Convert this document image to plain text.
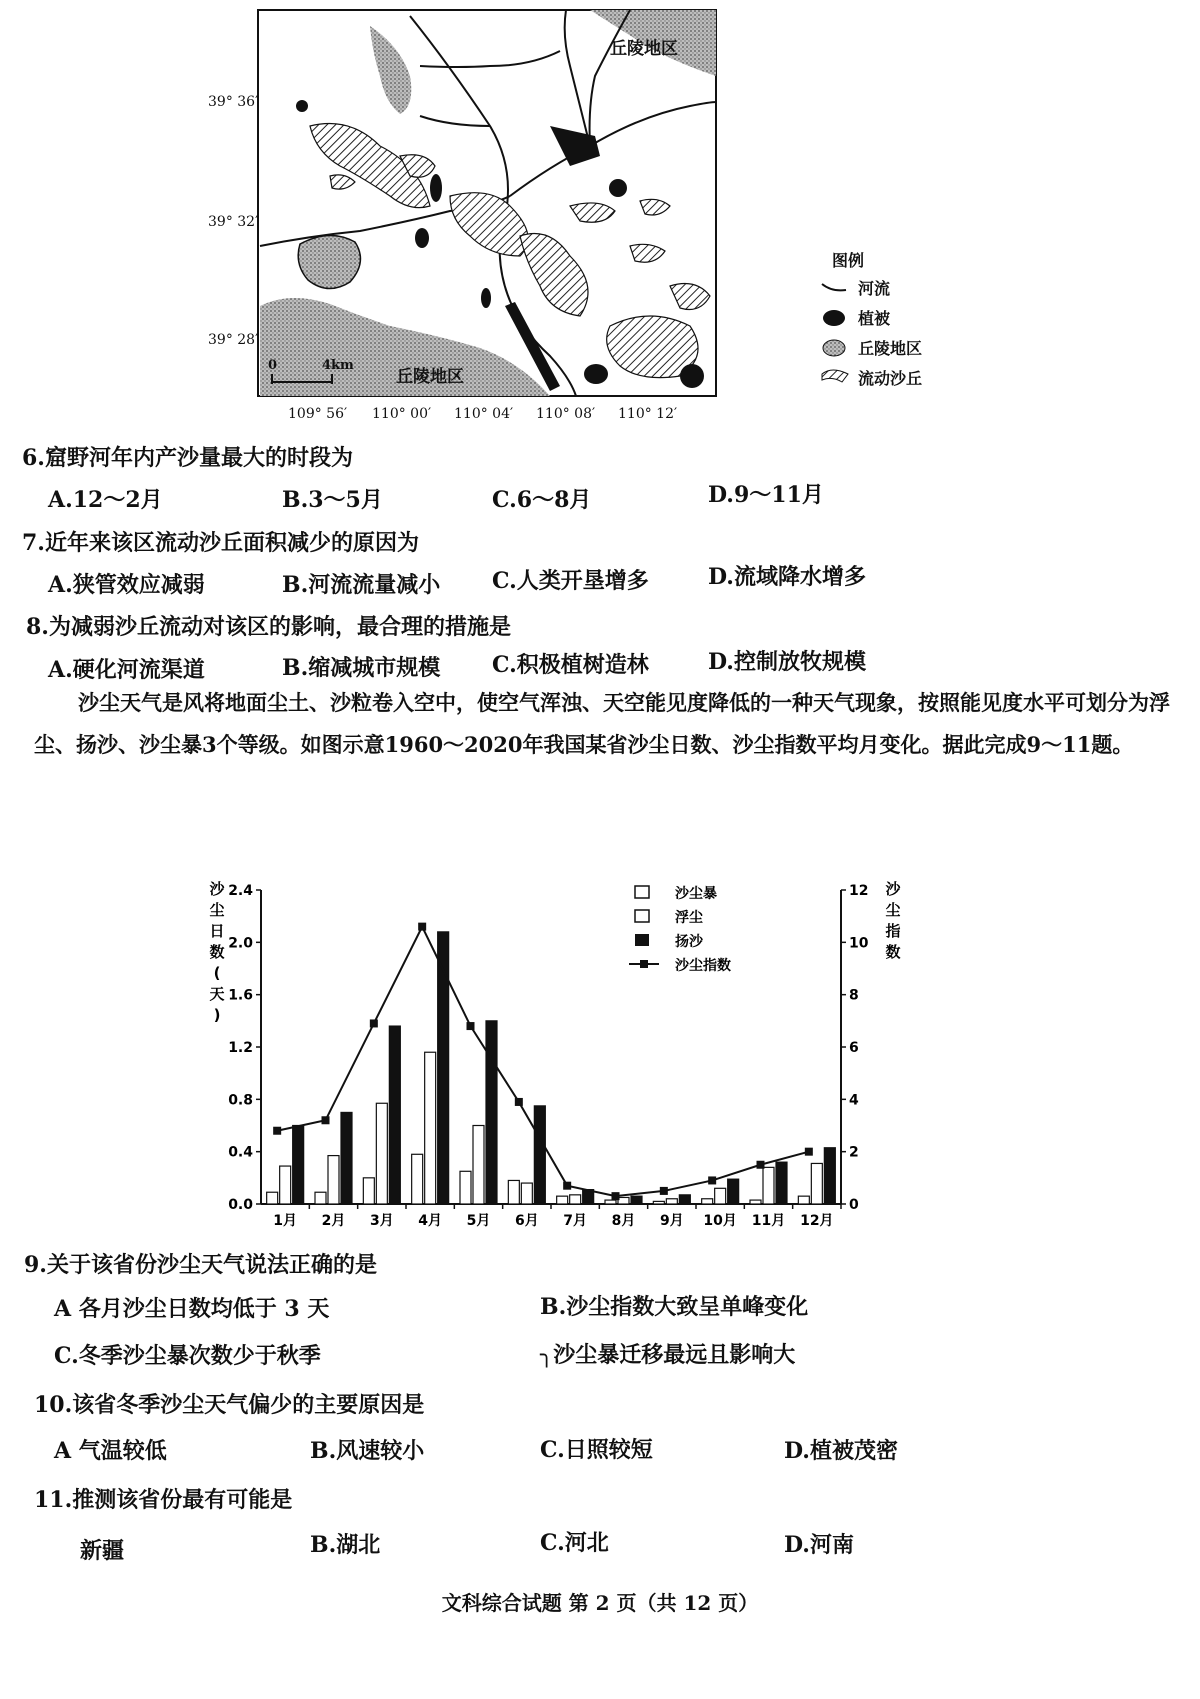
丘陵地区
丘陵地区
0	4km
39° 36′
39° 32′
39° 28′
109° 56′ 110° 00′ 110° 04′ 110° 08′ 110° 12′
图例
河流
植被
丘陵地区
流动沙丘
6.窟野河年内产沙量最大的时段为
A.12～2月	B.3～5月	C.6～8月	D.9～11月
7.近年来该区流动沙丘面积减少的原因为
A.狭管效应减弱	B.河流流量减小 C.人类开垦增多	D.流域降水增多
8.为减弱沙丘流动对该区的影响，最合理的措施是
A.硬化河流渠道	B.缩减城市规模 C.积极植树造林	D.控制放牧规模
沙尘天气是风将地面尘土、沙粒卷入空中，使空气浑浊、天空能见度降低的一种天气现象，按照能见度水平可划分为浮尘、扬沙、沙尘暴3个等级。如图示意1960～2020年我国某省沙尘日数、沙尘指数平均月变化。据此完成9～11题。
0.0
0.4
0.8
1.2
1.6
2.0
2.4
0
2
4
6
8
10
12
沙
尘
日
数
(
天
)
沙
尘
指
数
1月 2月 3月 4月 5月 6月 7月 8月 9月 10月 11月 12月
沙尘暴
浮尘
扬沙
沙尘指数
9.关于该省份沙尘天气说法正确的是
A 各月沙尘日数均低于 3 天	B.沙尘指数大致呈单峰变化
C.冬季沙尘暴次数少于秋季	╮沙尘暴迁移最远且影响大
10.该省冬季沙尘天气偏少的主要原因是
A 气温较低	B.风速较小	C.日照较短	D.植被茂密
11.推测该省份最有可能是
新疆	B.湖北	C.河北	D.河南
文科综合试题 第 2 页（共 12 页）
